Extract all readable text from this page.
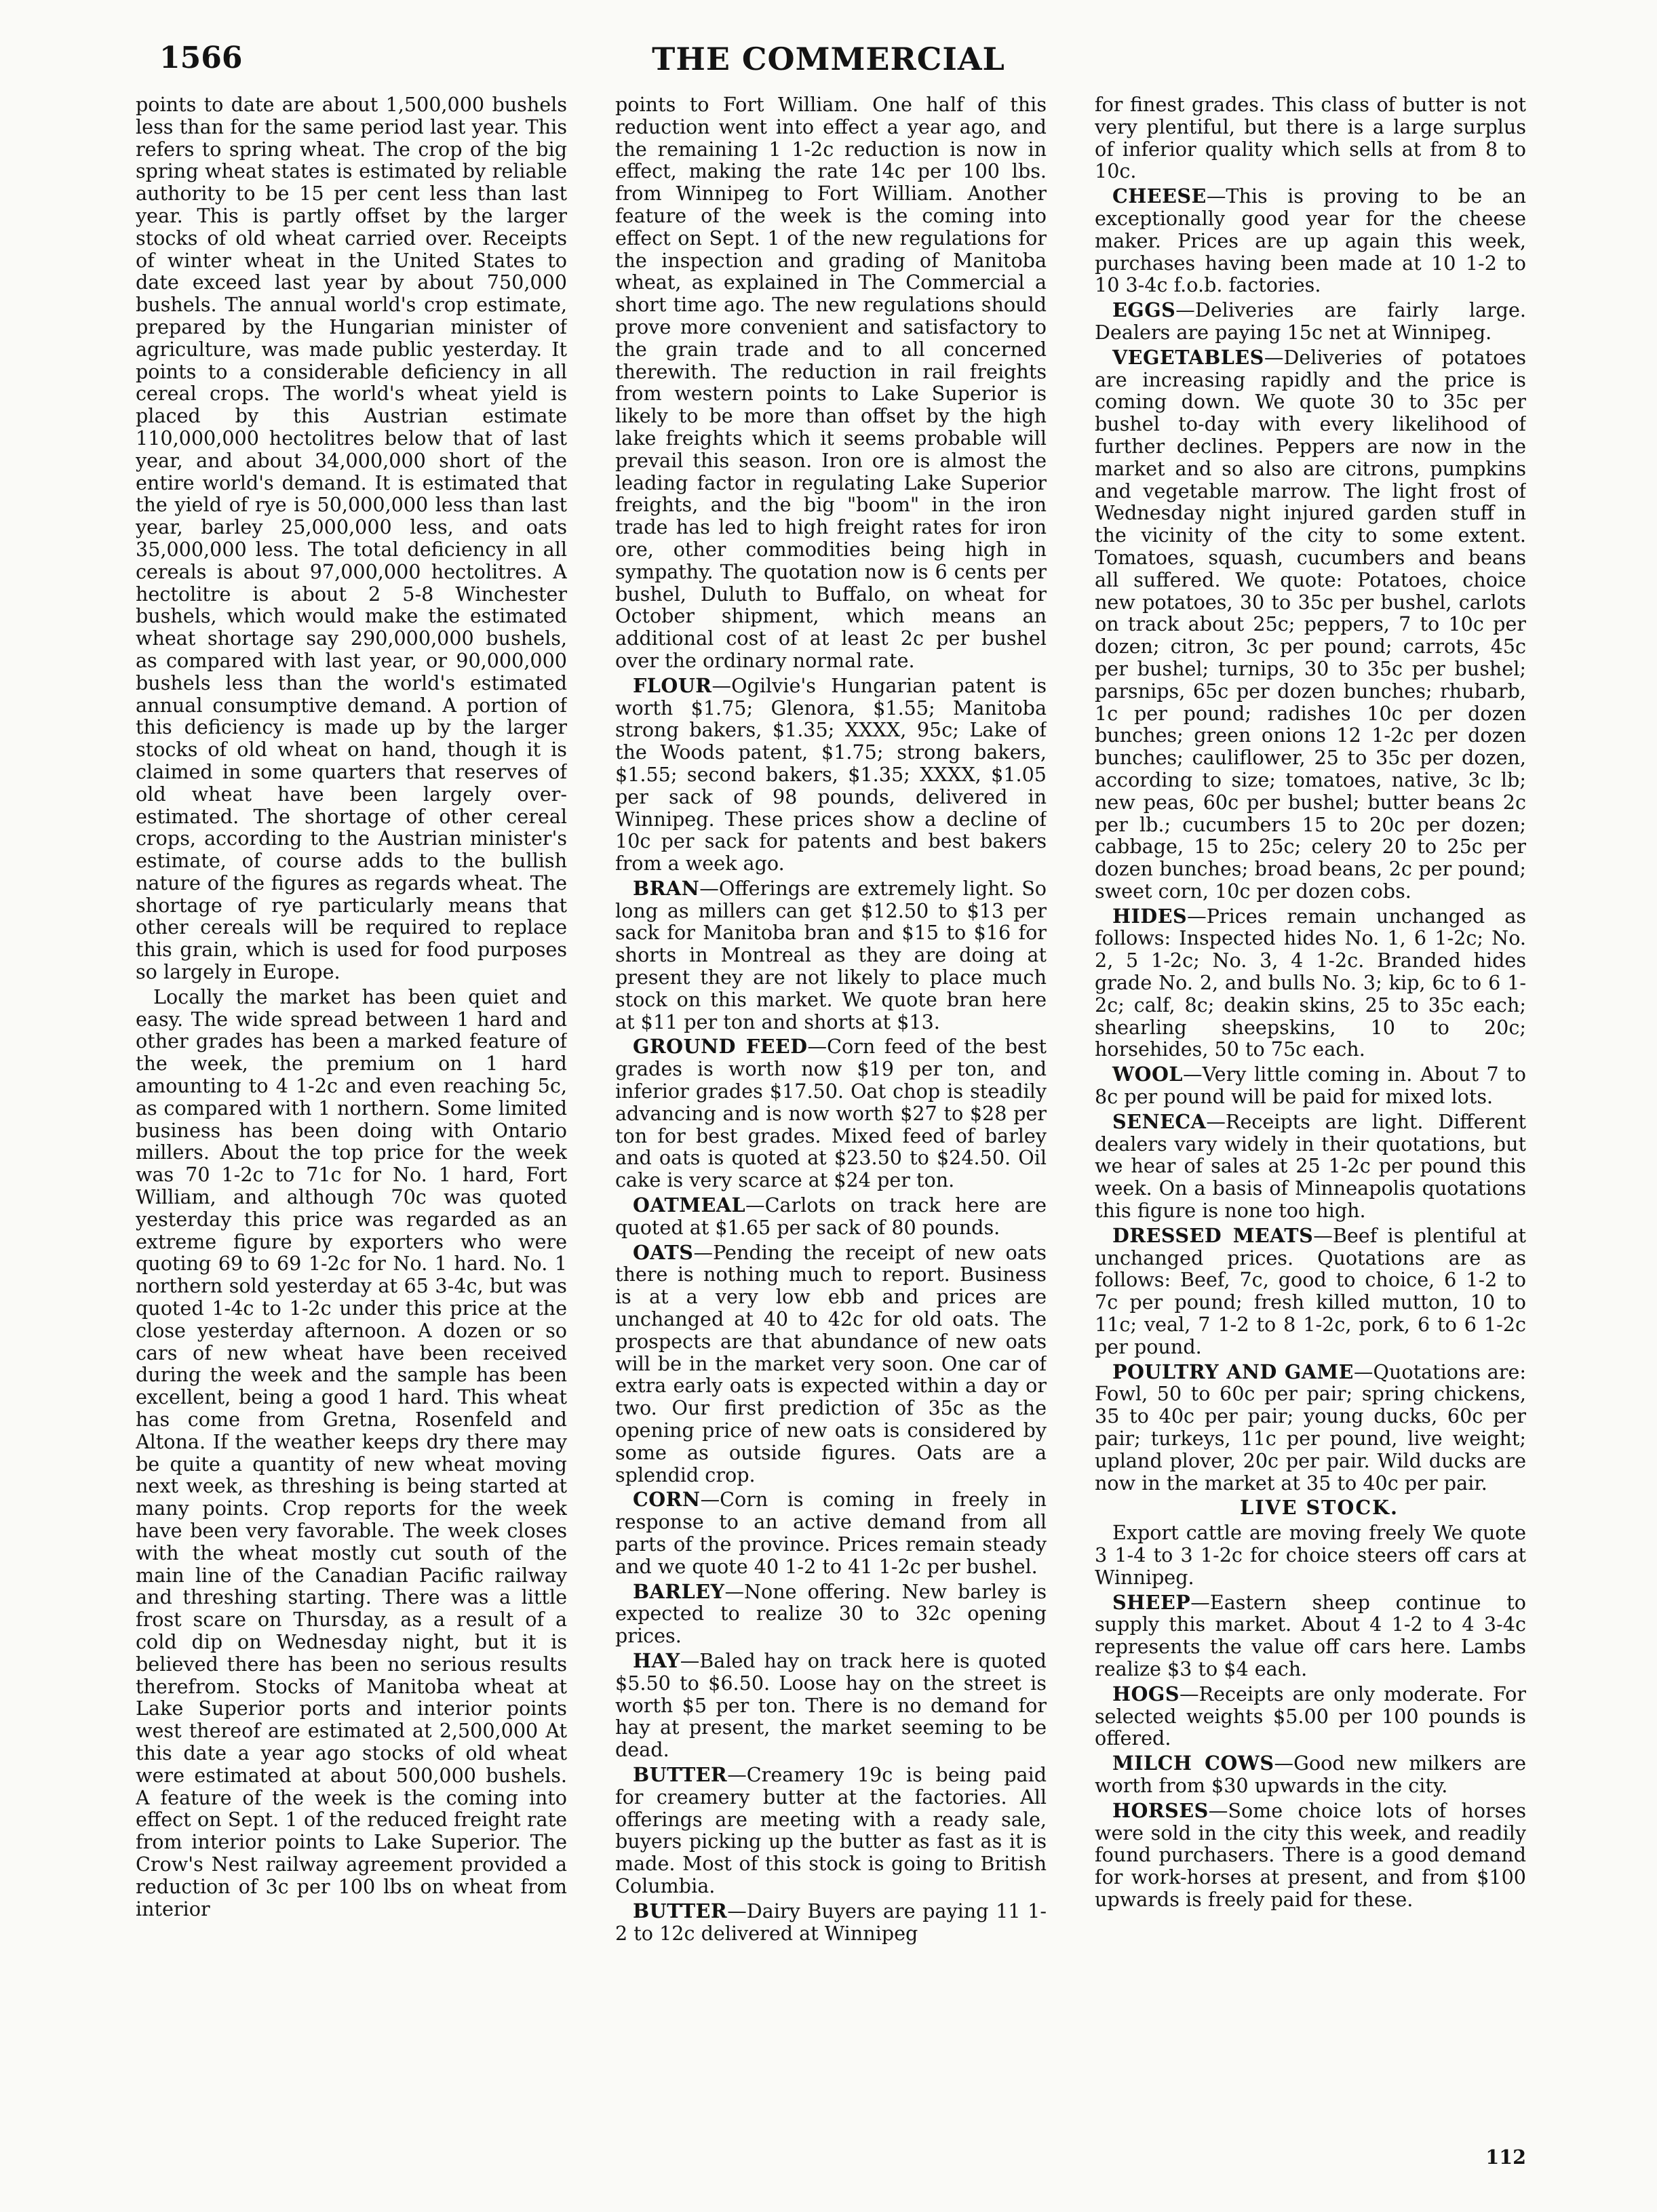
THE COMMERCIAL
1566

points to date are about 1,500,000 bushels less than for the same period last year. This refers to spring wheat. The crop of the big spring wheat states is estimated by reliable authority to be 15 per cent less than last year. This is partly offset by the larger stocks of old wheat carried over. Receipts of winter wheat in the United States to date exceed last year by about 750,000 bushels. The annual world's crop estimate, prepared by the Hungarian minister of agriculture, was made public yesterday. It points to a considerable deficiency in all cereal crops. The world's wheat yield is placed by this Austrian estimate 110,000,000 hectolitres below that of last year, and about 34,000,000 short of the entire world's demand. It is estimated that the yield of rye is 50,000,000 less than last year, barley 25,000,000 less, and oats 35,000,000 less. The total deficiency in all cereals is about 97,000,000 hectolitres. A hectolitre is about 2 5-8 Winchester bushels, which would make the estimated wheat shortage say 290,000,000 bushels, as compared with last year, or 90,000,000 bushels less than the world's estimated annual consumptive demand. A portion of this deficiency is made up by the larger stocks of old wheat on hand, though it is claimed in some quarters that reserves of old wheat have been largely over-estimated. The shortage of other cereal crops, according to the Austrian minister's estimate, of course adds to the bullish nature of the figures as regards wheat. The shortage of rye particularly means that other cereals will be required to replace this grain, which is used for food purposes so largely in Europe.

Locally the market has been quiet and easy. The wide spread between 1 hard and other grades has been a marked feature of the week, the premium on 1 hard amounting to 4 1-2c and even reaching 5c, as compared with 1 northern. Some limited business has been doing with Ontario millers. About the top price for the week was 70 1-2c to 71c for No. 1 hard, Fort William, and although 70c was quoted yesterday this price was regarded as an extreme figure by exporters who were quoting 69 to 69 1-2c for No. 1 hard. No. 1 northern sold yesterday at 65 3-4c, but was quoted 1-4c to 1-2c under this price at the close yesterday afternoon. A dozen or so cars of new wheat have been received during the week and the sample has been excellent, being a good 1 hard. This wheat has come from Gretna, Rosenfeld and Altona. If the weather keeps dry there may be quite a quantity of new wheat moving next week, as threshing is being started at many points. Crop reports for the week have been very favorable. The week closes with the wheat mostly cut south of the main line of the Canadian Pacific railway and threshing starting. There was a little frost scare on Thursday, as a result of a cold dip on Wednesday night, but it is believed there has been no serious results therefrom. Stocks of Manitoba wheat at Lake Superior ports and interior points west thereof are estimated at 2,500,000 At this date a year ago stocks of old wheat were estimated at about 500,000 bushels. A feature of the week is the coming into effect on Sept. 1 of the reduced freight rate from interior points to Lake Superior. The Crow's Nest railway agreement provided a reduction of 3c per 100 lbs on wheat from interior

points to Fort William. One half of this reduction went into effect a year ago, and the remaining 1 1-2c reduction is now in effect, making the rate 14c per 100 lbs. from Winnipeg to Fort William. Another feature of the week is the coming into effect on Sept. 1 of the new regulations for the inspection and grading of Manitoba wheat, as explained in The Commercial a short time ago. The new regulations should prove more convenient and satisfactory to the grain trade and to all concerned therewith. The reduction in rail freights from western points to Lake Superior is likely to be more than offset by the high lake freights which it seems probable will prevail this season. Iron ore is almost the leading factor in regulating Lake Superior freights, and the big "boom" in the iron trade has led to high freight rates for iron ore, other commodities being high in sympathy. The quotation now is 6 cents per bushel, Duluth to Buffalo, on wheat for October shipment, which means an additional cost of at least 2c per bushel over the ordinary normal rate.

FLOUR—Ogilvie's Hungarian patent is worth $1.75; Glenora, $1.55; Manitoba strong bakers, $1.35; XXXX, 95c; Lake of the Woods patent, $1.75; strong bakers, $1.55; second bakers, $1.35; XXXX, $1.05 per sack of 98 pounds, delivered in Winnipeg. These prices show a decline of 10c per sack for patents and best bakers from a week ago.

BRAN—Offerings are extremely light. So long as millers can get $12.50 to $13 per sack for Manitoba bran and $15 to $16 for shorts in Montreal as they are doing at present they are not likely to place much stock on this market. We quote bran here at $11 per ton and shorts at $13.

GROUND FEED—Corn feed of the best grades is worth now $19 per ton, and inferior grades $17.50. Oat chop is steadily advancing and is now worth $27 to $28 per ton for best grades. Mixed feed of barley and oats is quoted at $23.50 to $24.50. Oil cake is very scarce at $24 per ton.

OATMEAL—Carlots on track here are quoted at $1.65 per sack of 80 pounds.

OATS—Pending the receipt of new oats there is nothing much to report. Business is at a very low ebb and prices are unchanged at 40 to 42c for old oats. The prospects are that abundance of new oats will be in the market very soon. One car of extra early oats is expected within a day or two. Our first prediction of 35c as the opening price of new oats is considered by some as outside figures. Oats are a splendid crop.

CORN—Corn is coming in freely in response to an active demand from all parts of the province. Prices remain steady and we quote 40 1-2 to 41 1-2c per bushel.

BARLEY—None offering. New barley is expected to realize 30 to 32c opening prices.

HAY—Baled hay on track here is quoted $5.50 to $6.50. Loose hay on the street is worth $5 per ton. There is no demand for hay at present, the market seeming to be dead.

BUTTER—Creamery 19c is being paid for creamery butter at the factories. All offerings are meeting with a ready sale, buyers picking up the butter as fast as it is made. Most of this stock is going to British Columbia.

BUTTER—Dairy Buyers are paying 11 1-2 to 12c delivered at Winnipeg

for finest grades. This class of butter is not very plentiful, but there is a large surplus of inferior quality which sells at from 8 to 10c.

CHEESE—This is proving to be an exceptionally good year for the cheese maker. Prices are up again this week, purchases having been made at 10 1-2 to 10 3-4c f.o.b. factories.

EGGS—Deliveries are fairly large. Dealers are paying 15c net at Winnipeg.

VEGETABLES—Deliveries of potatoes are increasing rapidly and the price is coming down. We quote 30 to 35c per bushel to-day with every likelihood of further declines. Peppers are now in the market and so also are citrons, pumpkins and vegetable marrow. The light frost of Wednesday night injured garden stuff in the vicinity of the city to some extent. Tomatoes, squash, cucumbers and beans all suffered. We quote: Potatoes, choice new potatoes, 30 to 35c per bushel, carlots on track about 25c; peppers, 7 to 10c per dozen; citron, 3c per pound; carrots, 45c per bushel; turnips, 30 to 35c per bushel; parsnips, 65c per dozen bunches; rhubarb, 1c per pound; radishes 10c per dozen bunches; green onions 12 1-2c per dozen bunches; cauliflower, 25 to 35c per dozen, according to size; tomatoes, native, 3c lb; new peas, 60c per bushel; butter beans 2c per lb.; cucumbers 15 to 20c per dozen; cabbage, 15 to 25c; celery 20 to 25c per dozen bunches; broad beans, 2c per pound; sweet corn, 10c per dozen cobs.

HIDES—Prices remain unchanged as follows: Inspected hides No. 1, 6 1-2c; No. 2, 5 1-2c; No. 3, 4 1-2c. Branded hides grade No. 2, and bulls No. 3; kip, 6c to 6 1-2c; calf, 8c; deakin skins, 25 to 35c each; shearling sheepskins, 10 to 20c; horsehides, 50 to 75c each.

WOOL—Very little coming in. About 7 to 8c per pound will be paid for mixed lots.

SENECA—Receipts are light. Different dealers vary widely in their quotations, but we hear of sales at 25 1-2c per pound this week. On a basis of Minneapolis quotations this figure is none too high.

DRESSED MEATS—Beef is plentiful at unchanged prices. Quotations are as follows: Beef, 7c, good to choice, 6 1-2 to 7c per pound; fresh killed mutton, 10 to 11c; veal, 7 1-2 to 8 1-2c, pork, 6 to 6 1-2c per pound.

POULTRY AND GAME—Quotations are: Fowl, 50 to 60c per pair; spring chickens, 35 to 40c per pair; young ducks, 60c per pair; turkeys, 11c per pound, live weight; upland plover, 20c per pair. Wild ducks are now in the market at 35 to 40c per pair.

LIVE STOCK.

Export cattle are moving freely We quote 3 1-4 to 3 1-2c for choice steers off cars at Winnipeg.

SHEEP—Eastern sheep continue to supply this market. About 4 1-2 to 4 3-4c represents the value off cars here. Lambs realize $3 to $4 each.

HOGS—Receipts are only moderate. For selected weights $5.00 per 100 pounds is offered.

MILCH COWS—Good new milkers are worth from $30 upwards in the city.

HORSES—Some choice lots of horses were sold in the city this week, and readily found purchasers. There is a good demand for work-horses at present, and from $100 upwards is freely paid for these.

112
